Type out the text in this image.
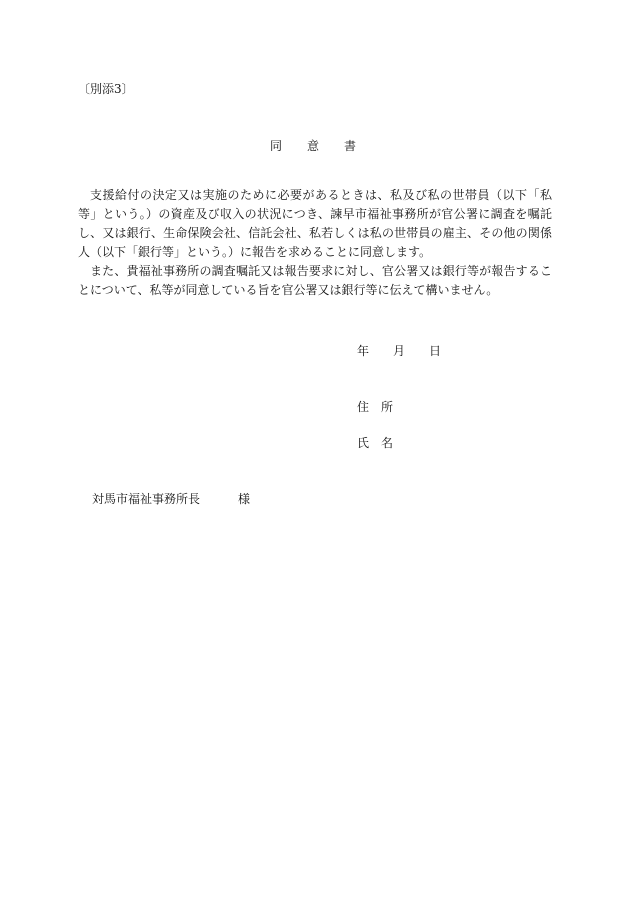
〔別添3〕
同 意 書

支援給付の決定又は実施のために必要があるときは、私及び私の世帯員（以下「私等」という。）の資産及び収入の状況につき、諫早市福祉事務所が官公署に調査を嘱託し、又は銀行、生命保険会社、信託会社、私若しくは私の世帯員の雇主、その他の関係人（以下「銀行等」という。）に報告を求めることに同意します。

また、貴福祉事務所の調査嘱託又は報告要求に対し、官公署又は銀行等が報告することについて、私等が同意している旨を官公署又は銀行等に伝えて構いません。

年 月 日
住 所
氏 名
対馬市福祉事務所長	様
